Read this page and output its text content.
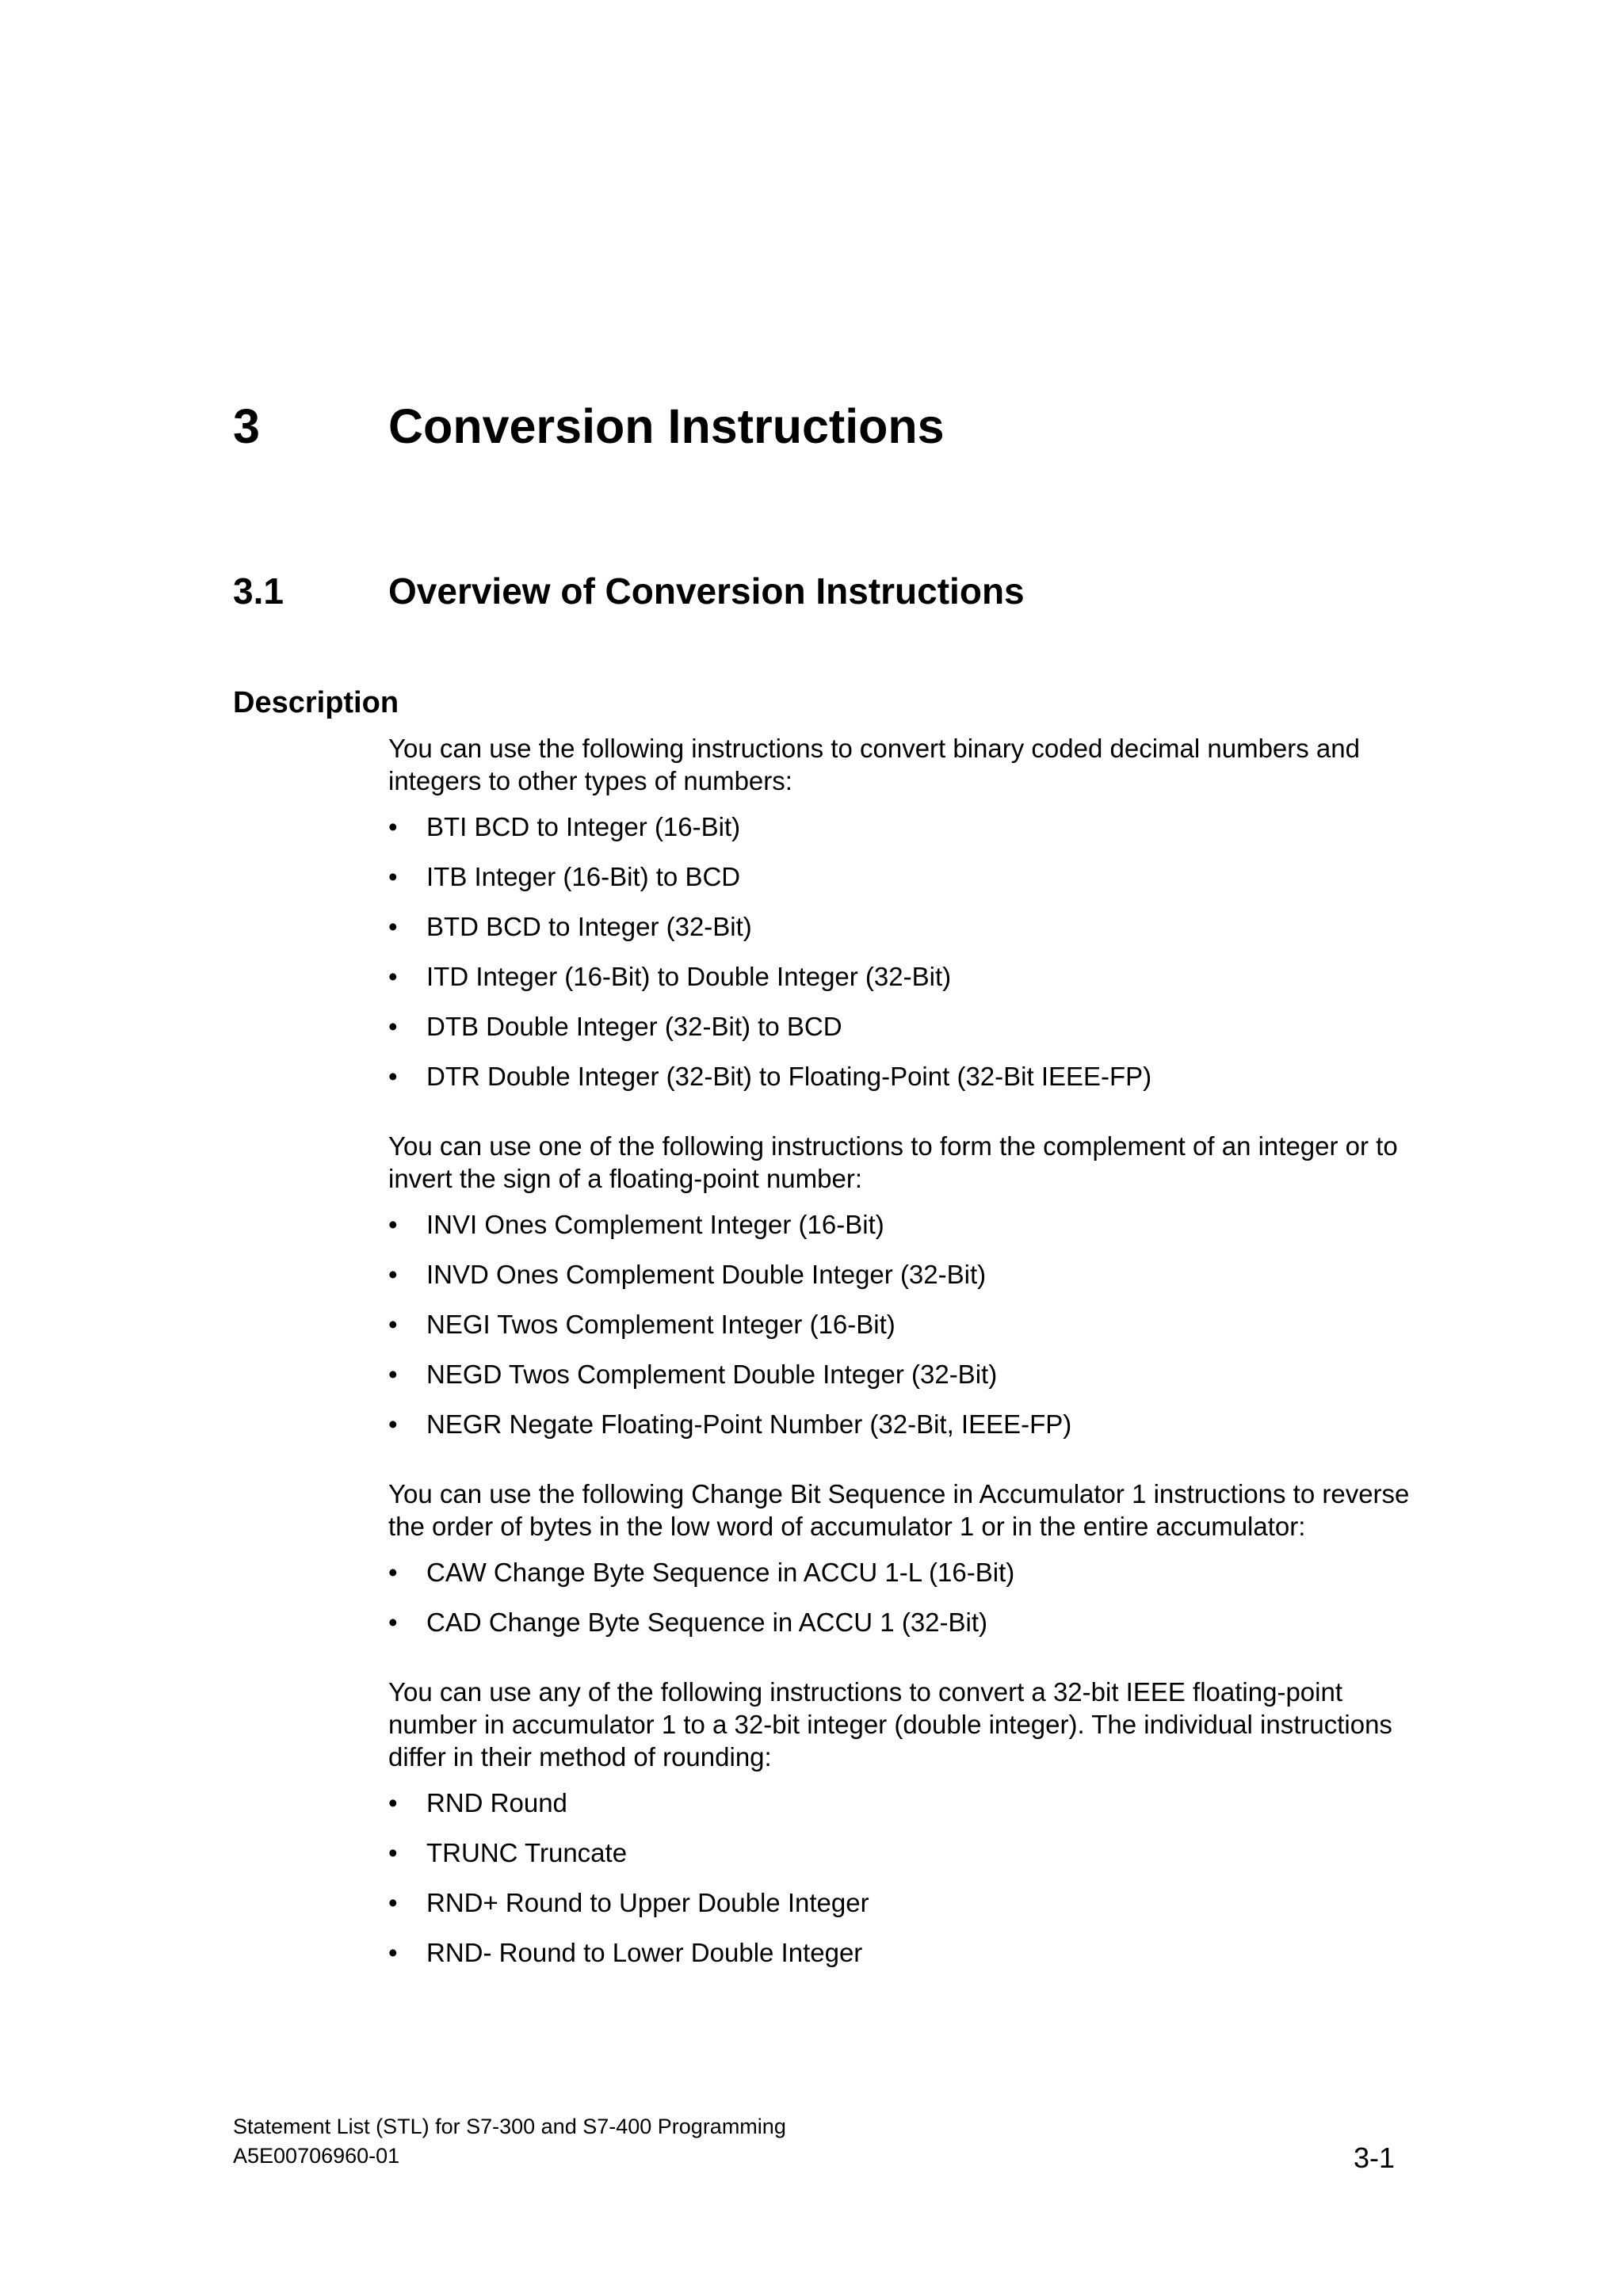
3	Conversion Instructions
3.1	Overview of Conversion Instructions
Description

You can use the following instructions to convert binary coded decimal numbers and integers to other types of numbers:

• BTI BCD to Integer (16-Bit)
• ITB Integer (16-Bit) to BCD
• BTD BCD to Integer (32-Bit)
• ITD Integer (16-Bit) to Double Integer (32-Bit)
• DTB Double Integer (32-Bit) to BCD
• DTR Double Integer (32-Bit) to Floating-Point (32-Bit IEEE-FP)

You can use one of the following instructions to form the complement of an integer or to invert the sign of a floating-point number:

• INVI Ones Complement Integer (16-Bit)
• INVD Ones Complement Double Integer (32-Bit)
• NEGI Twos Complement Integer (16-Bit)
• NEGD Twos Complement Double Integer (32-Bit)
• NEGR Negate Floating-Point Number (32-Bit, IEEE-FP)

You can use the following Change Bit Sequence in Accumulator 1 instructions to reverse the order of bytes in the low word of accumulator 1 or in the entire accumulator:

• CAW Change Byte Sequence in ACCU 1-L (16-Bit)
• CAD Change Byte Sequence in ACCU 1 (32-Bit)

You can use any of the following instructions to convert a 32-bit IEEE floating-point number in accumulator 1 to a 32-bit integer (double integer). The individual instructions differ in their method of rounding:

• RND Round
• TRUNC Truncate
• RND+ Round to Upper Double Integer
• RND- Round to Lower Double Integer
Statement List (STL) for S7-300 and S7-400 Programming
A5E00706960-01	3-1
